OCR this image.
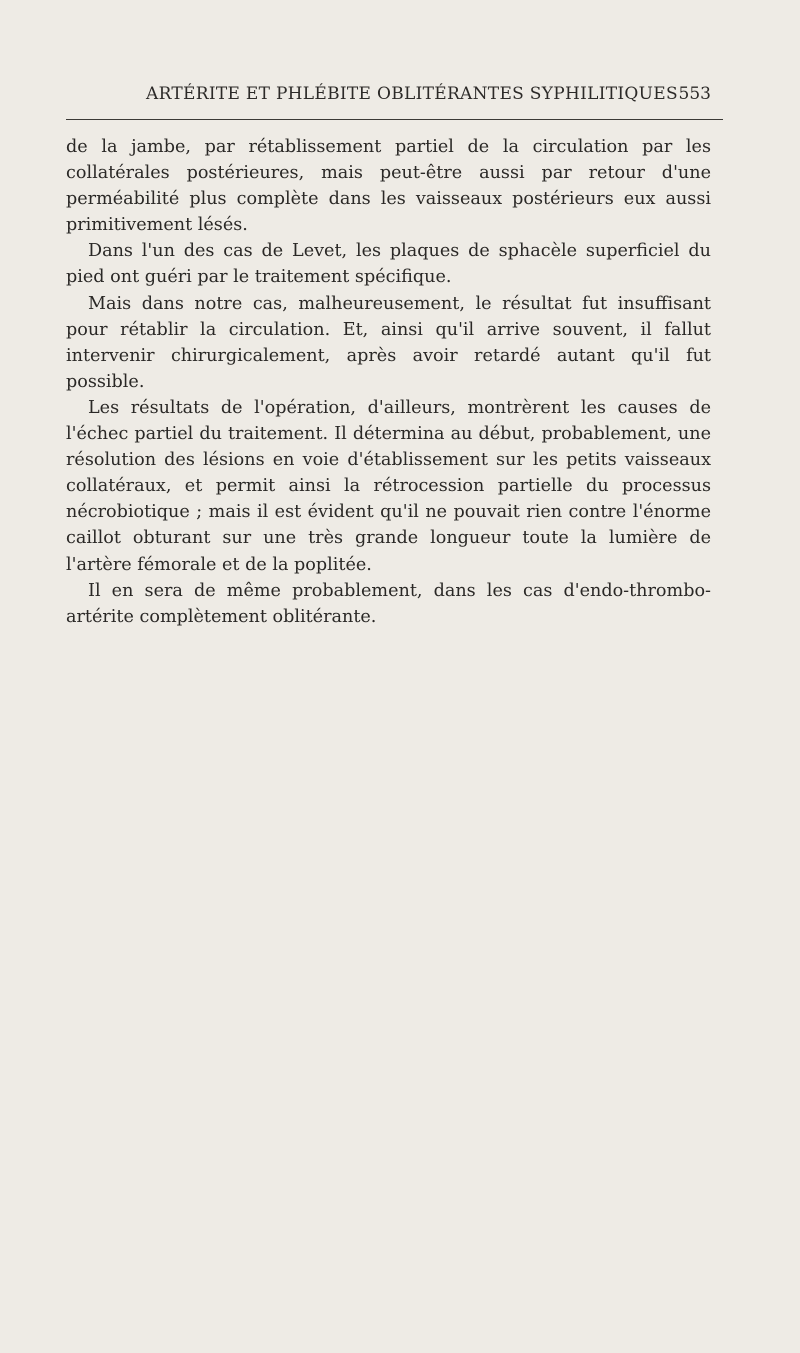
ARTÉRITE ET PHLÉBITE OBLITÉRANTES SYPHILITIQUES 553

de la jambe, par rétablissement partiel de la circulation par les collatérales postérieures, mais peut-être aussi par retour d'une perméabilité plus complète dans les vaisseaux postérieurs eux aussi primitivement lésés.

Dans l'un des cas de Levet, les plaques de sphacèle superficiel du pied ont guéri par le traitement spécifique.

Mais dans notre cas, malheureusement, le résultat fut insuffisant pour rétablir la circulation. Et, ainsi qu'il arrive souvent, il fallut intervenir chirurgicalement, après avoir retardé autant qu'il fut possible.

Les résultats de l'opération, d'ailleurs, montrèrent les causes de l'échec partiel du traitement. Il détermina au début, probablement, une résolution des lésions en voie d'établissement sur les petits vaisseaux collatéraux, et permit ainsi la rétrocession partielle du processus nécrobiotique ; mais il est évident qu'il ne pouvait rien contre l'énorme caillot obturant sur une très grande longueur toute la lumière de l'artère fémorale et de la poplitée.

Il en sera de même probablement, dans les cas d'endo-thrombo-artérite complètement oblitérante.
